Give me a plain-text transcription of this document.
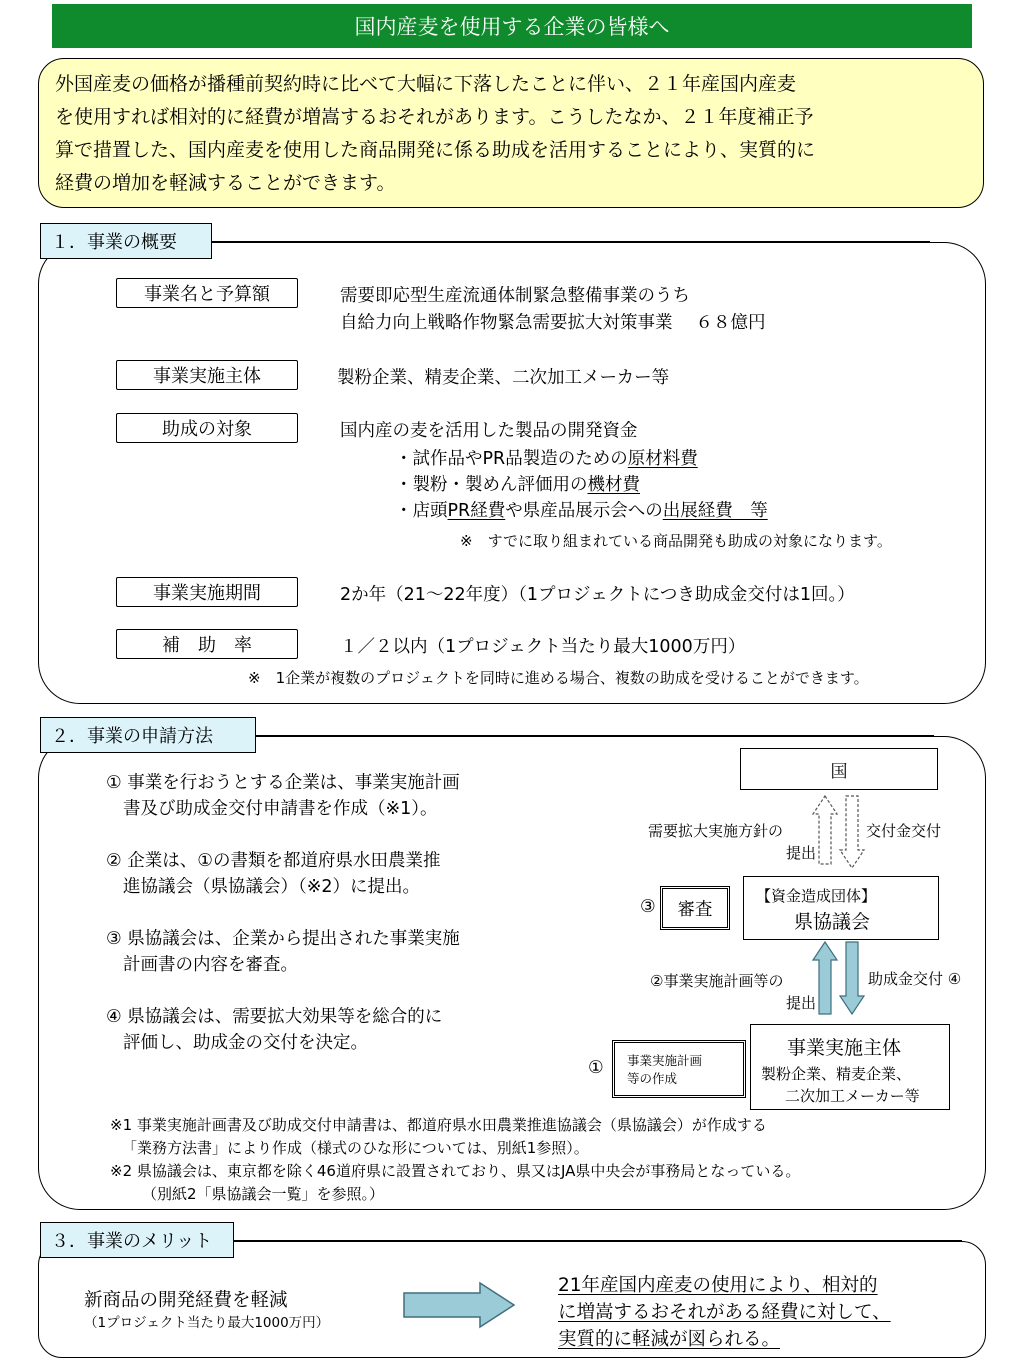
国内産麦を使用する企業の皆様へ
外国産麦の価格が播種前契約時に比べて大幅に下落したことに伴い、２１年産国内産麦
を使用すれば相対的に経費が増嵩するおそれがあります。こうしたなか、２１年度補正予
算で措置した、国内産麦を使用した商品開発に係る助成を活用することにより、実質的に
経費の増加を軽減することができます。
１．事業の概要
事業名と予算額	需要即応型生産流通体制緊急整備事業のうち
自給力向上戦略作物緊急需要拡大対策事業　 ６８億円
事業実施主体	製粉企業、精麦企業、二次加工メーカー等
助成の対象	国内産の麦を活用した製品の開発資金
・試作品やPR品製造のための原材料費
・製粉・製めん評価用の機材費
・店頭PR経費や県産品展示会への出展経費　等
※　すでに取り組まれている商品開発も助成の対象になります。
事業実施期間	2か年（21～22年度）（1プロジェクトにつき助成金交付は1回。）
補　助　率	１／２以内（1プロジェクト当たり最大1000万円）
※　1企業が複数のプロジェクトを同時に進める場合、複数の助成を受けることができます。
２．事業の申請方法
① 事業を行おうとする企業は、事業実施計画
書及び助成金交付申請書を作成（※1）。
② 企業は、①の書類を都道府県水田農業推
進協議会（県協議会）（※2）に提出。
③ 県協議会は、企業から提出された事業実施
計画書の内容を審査。
④ 県協議会は、需要拡大効果等を総合的に
評価し、助成金の交付を決定。
国
需要拡大実施方針の
提出
交付金交付
③ 審査
【資金造成団体】
県協議会
②事業実施計画等の
提出
助成金交付 ④
① 事業実施計画
等の作成
事業実施主体
製粉企業、精麦企業、
二次加工メーカー等
※1 事業実施計画書及び助成交付申請書は、都道府県水田農業推進協議会（県協議会）が作成する
「業務方法書」により作成（様式のひな形については、別紙1参照）。
※2 県協議会は、東京都を除く46道府県に設置されており、県又はJA県中央会が事務局となっている。
（別紙2「県協議会一覧」を参照。）
３．事業のメリット
新商品の開発経費を軽減
（1プロジェクト当たり最大1000万円）
21年産国内産麦の使用により、相対的
に増嵩するおそれがある経費に対して、
実質的に軽減が図られる。
